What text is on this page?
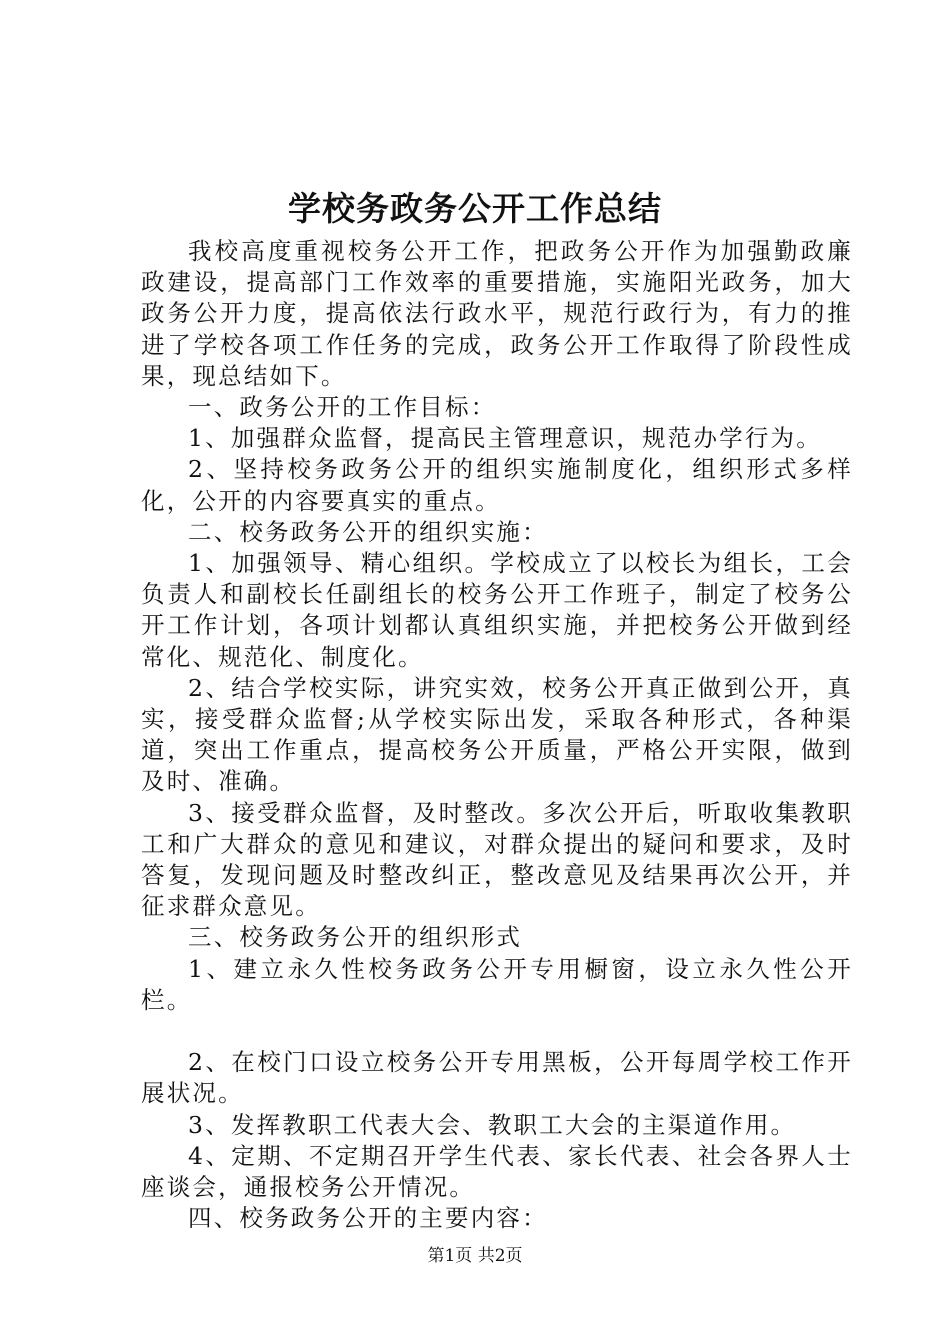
学校务政务公开工作总结

我校高度重视校务公开工作，把政务公开作为加强勤政廉政建设，提高部门工作效率的重要措施，实施阳光政务，加大政务公开力度，提高依法行政水平，规范行政行为，有力的推进了学校各项工作任务的完成，政务公开工作取得了阶段性成果，现总结如下。

一、政务公开的工作目标：

1、加强群众监督，提高民主管理意识，规范办学行为。

2、坚持校务政务公开的组织实施制度化，组织形式多样化，公开的内容要真实的重点。

二、校务政务公开的组织实施：

1、加强领导、精心组织。学校成立了以校长为组长，工会负责人和副校长任副组长的校务公开工作班子，制定了校务公开工作计划，各项计划都认真组织实施，并把校务公开做到经常化、规范化、制度化。

2、结合学校实际，讲究实效，校务公开真正做到公开，真实，接受群众监督;从学校实际出发，采取各种形式，各种渠道，突出工作重点，提高校务公开质量，严格公开实限，做到及时、准确。

3、接受群众监督，及时整改。多次公开后，听取收集教职工和广大群众的意见和建议，对群众提出的疑问和要求，及时答复，发现问题及时整改纠正，整改意见及结果再次公开，并征求群众意见。

三、校务政务公开的组织形式

1、建立永久性校务政务公开专用橱窗，设立永久性公开栏。

2、在校门口设立校务公开专用黑板，公开每周学校工作开展状况。

3、发挥教职工代表大会、教职工大会的主渠道作用。

4、定期、不定期召开学生代表、家长代表、社会各界人士座谈会，通报校务公开情况。

四、校务政务公开的主要内容：

第1页 共2页
